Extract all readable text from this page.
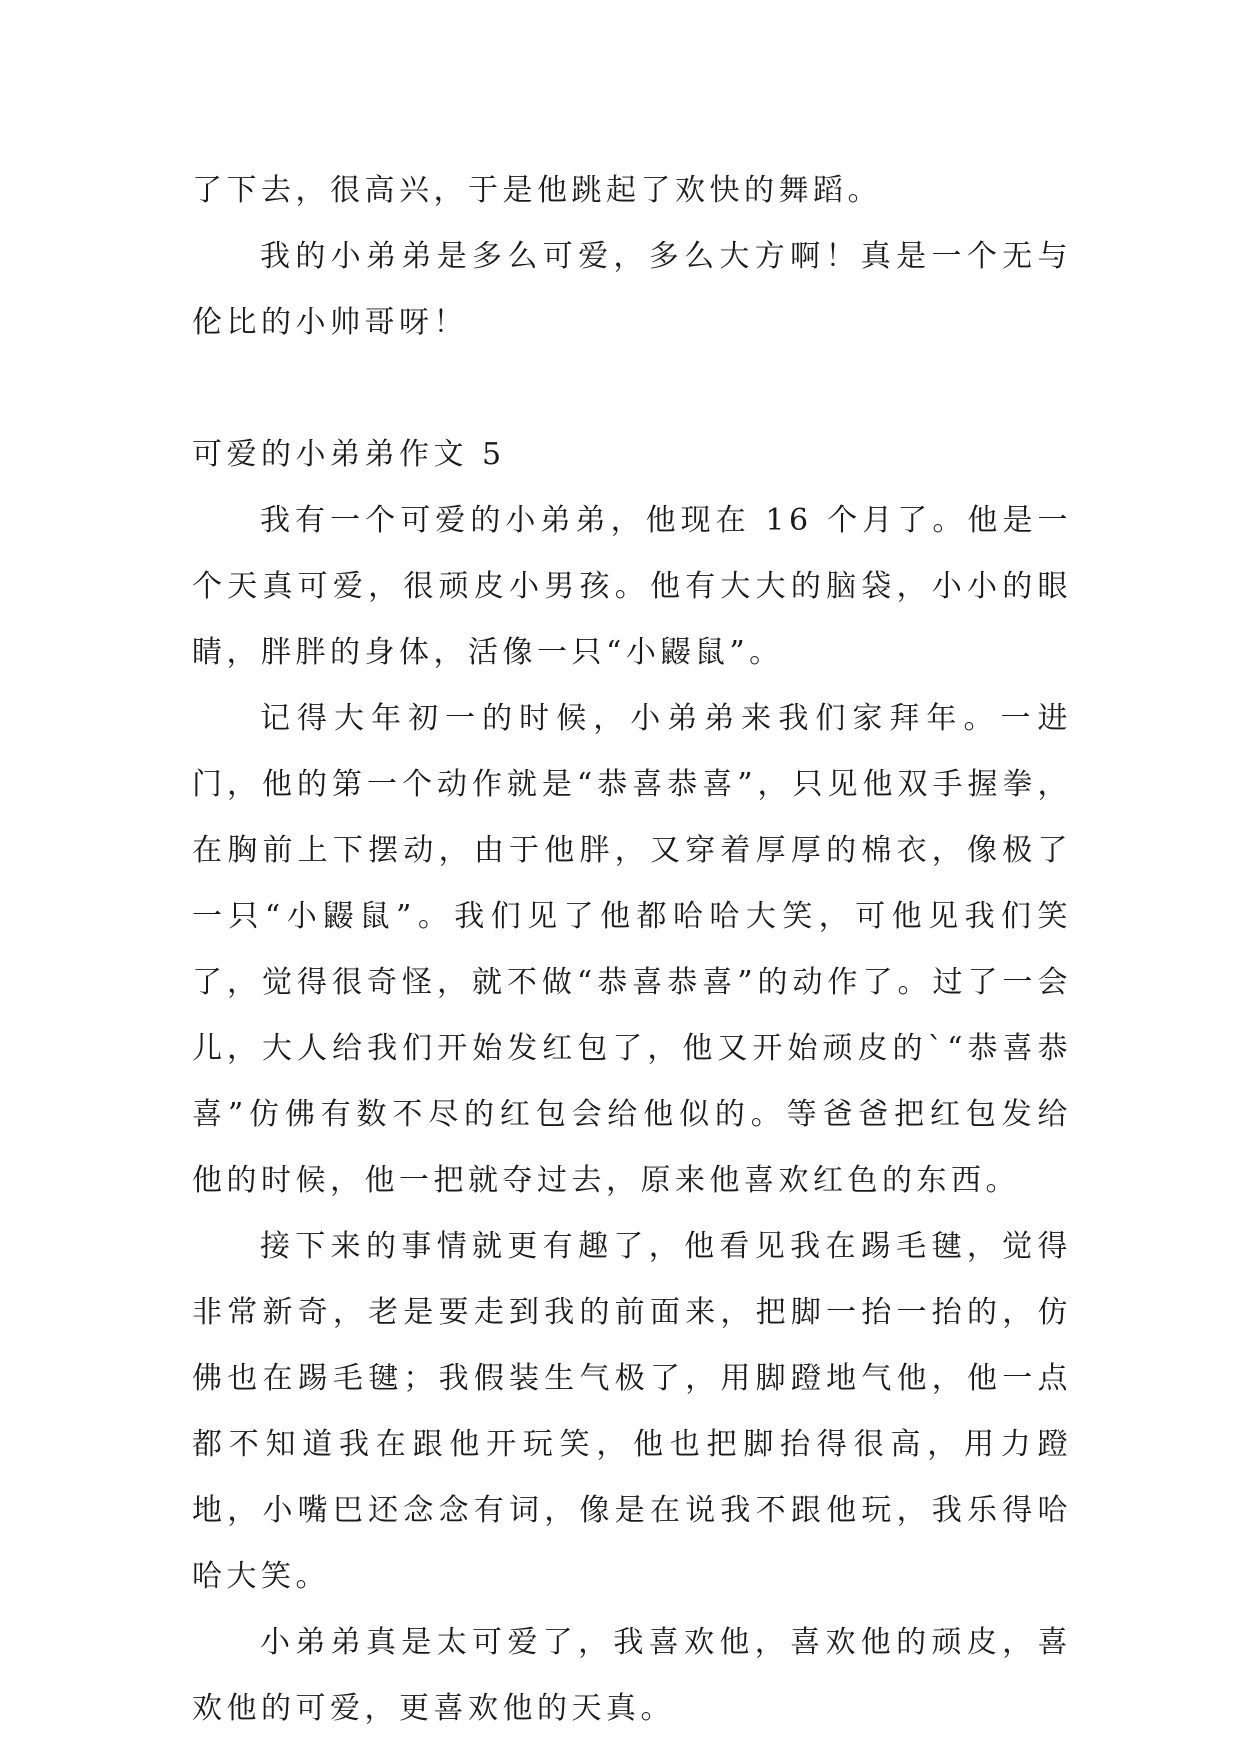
了下去，很高兴，于是他跳起了欢快的舞蹈。

我的小弟弟是多么可爱，多么大方啊！真是一个无与伦比的小帅哥呀！

可爱的小弟弟作文 5

我有一个可爱的小弟弟，他现在 16 个月了。他是一个天真可爱，很顽皮小男孩。他有大大的脑袋，小小的眼睛，胖胖的身体，活像一只“小鼹鼠”。

记得大年初一的时候，小弟弟来我们家拜年。一进门，他的第一个动作就是“恭喜恭喜”，只见他双手握拳，在胸前上下摆动，由于他胖，又穿着厚厚的棉衣，像极了一只“小鼹鼠”。我们见了他都哈哈大笑，可他见我们笑了，觉得很奇怪，就不做“恭喜恭喜”的动作了。过了一会儿，大人给我们开始发红包了，他又开始顽皮的`“恭喜恭喜”仿佛有数不尽的红包会给他似的。等爸爸把红包发给他的时候，他一把就夺过去，原来他喜欢红色的东西。

接下来的事情就更有趣了，他看见我在踢毛毽，觉得非常新奇，老是要走到我的前面来，把脚一抬一抬的，仿佛也在踢毛毽；我假装生气极了，用脚蹬地气他，他一点都不知道我在跟他开玩笑，他也把脚抬得很高，用力蹬地，小嘴巴还念念有词，像是在说我不跟他玩，我乐得哈哈大笑。

小弟弟真是太可爱了，我喜欢他，喜欢他的顽皮，喜欢他的可爱，更喜欢他的天真。
